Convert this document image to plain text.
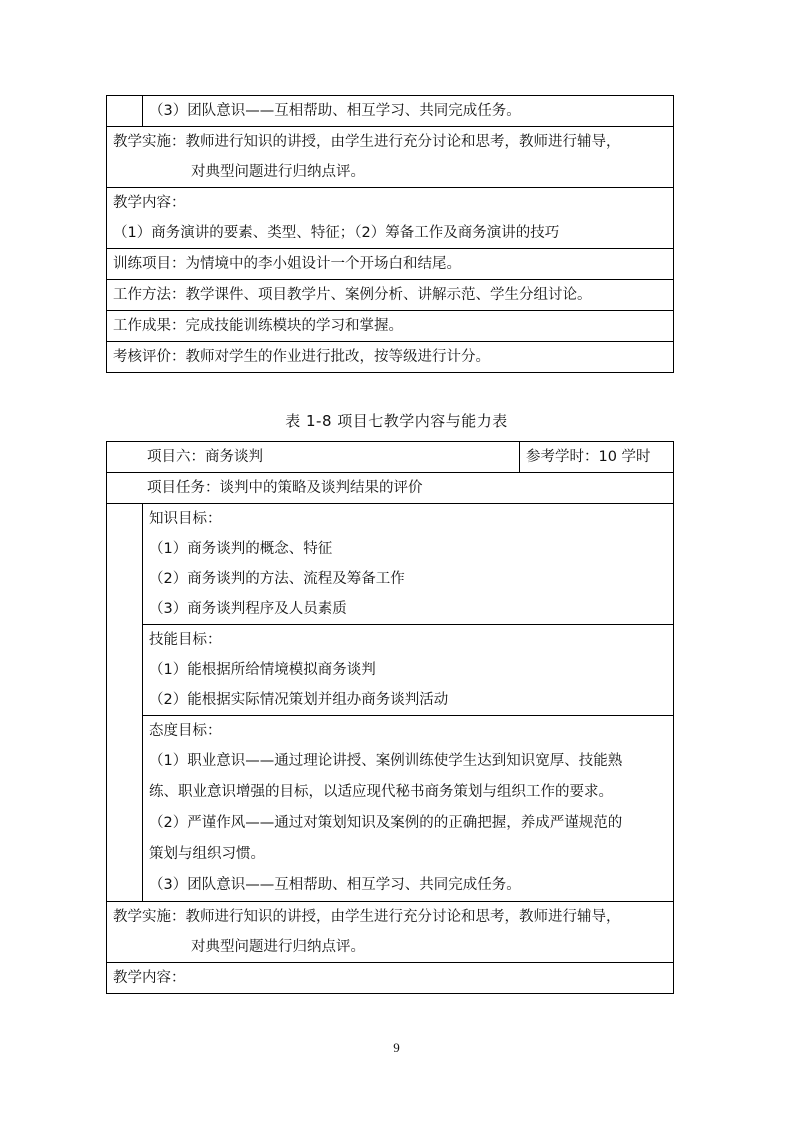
（3）团队意识——互相帮助、相互学习、共同完成任务。
教学实施：教师进行知识的讲授，由学生进行充分讨论和思考，教师进行辅导，
对典型问题进行归纳点评。
教学内容：
（1）商务演讲的要素、类型、特征；（2）筹备工作及商务演讲的技巧
训练项目：为情境中的李小姐设计一个开场白和结尾。
工作方法：教学课件、项目教学片、案例分析、讲解示范、学生分组讨论。
工作成果：完成技能训练模块的学习和掌握。
考核评价：教师对学生的作业进行批改，按等级进行计分。
表 1-8 项目七教学内容与能力表
项目六：商务谈判	参考学时：10 学时
项目任务：谈判中的策略及谈判结果的评价
知识目标：
（1）商务谈判的概念、特征
（2）商务谈判的方法、流程及筹备工作
（3）商务谈判程序及人员素质
技能目标：
（1）能根据所给情境模拟商务谈判
（2）能根据实际情况策划并组办商务谈判活动
态度目标：
（1）职业意识——通过理论讲授、案例训练使学生达到知识宽厚、技能熟
练、职业意识增强的目标，以适应现代秘书商务策划与组织工作的要求。
（2）严谨作风——通过对策划知识及案例的的正确把握，养成严谨规范的
策划与组织习惯。
（3）团队意识——互相帮助、相互学习、共同完成任务。
教学实施：教师进行知识的讲授，由学生进行充分讨论和思考，教师进行辅导，
对典型问题进行归纳点评。
教学内容：
9
